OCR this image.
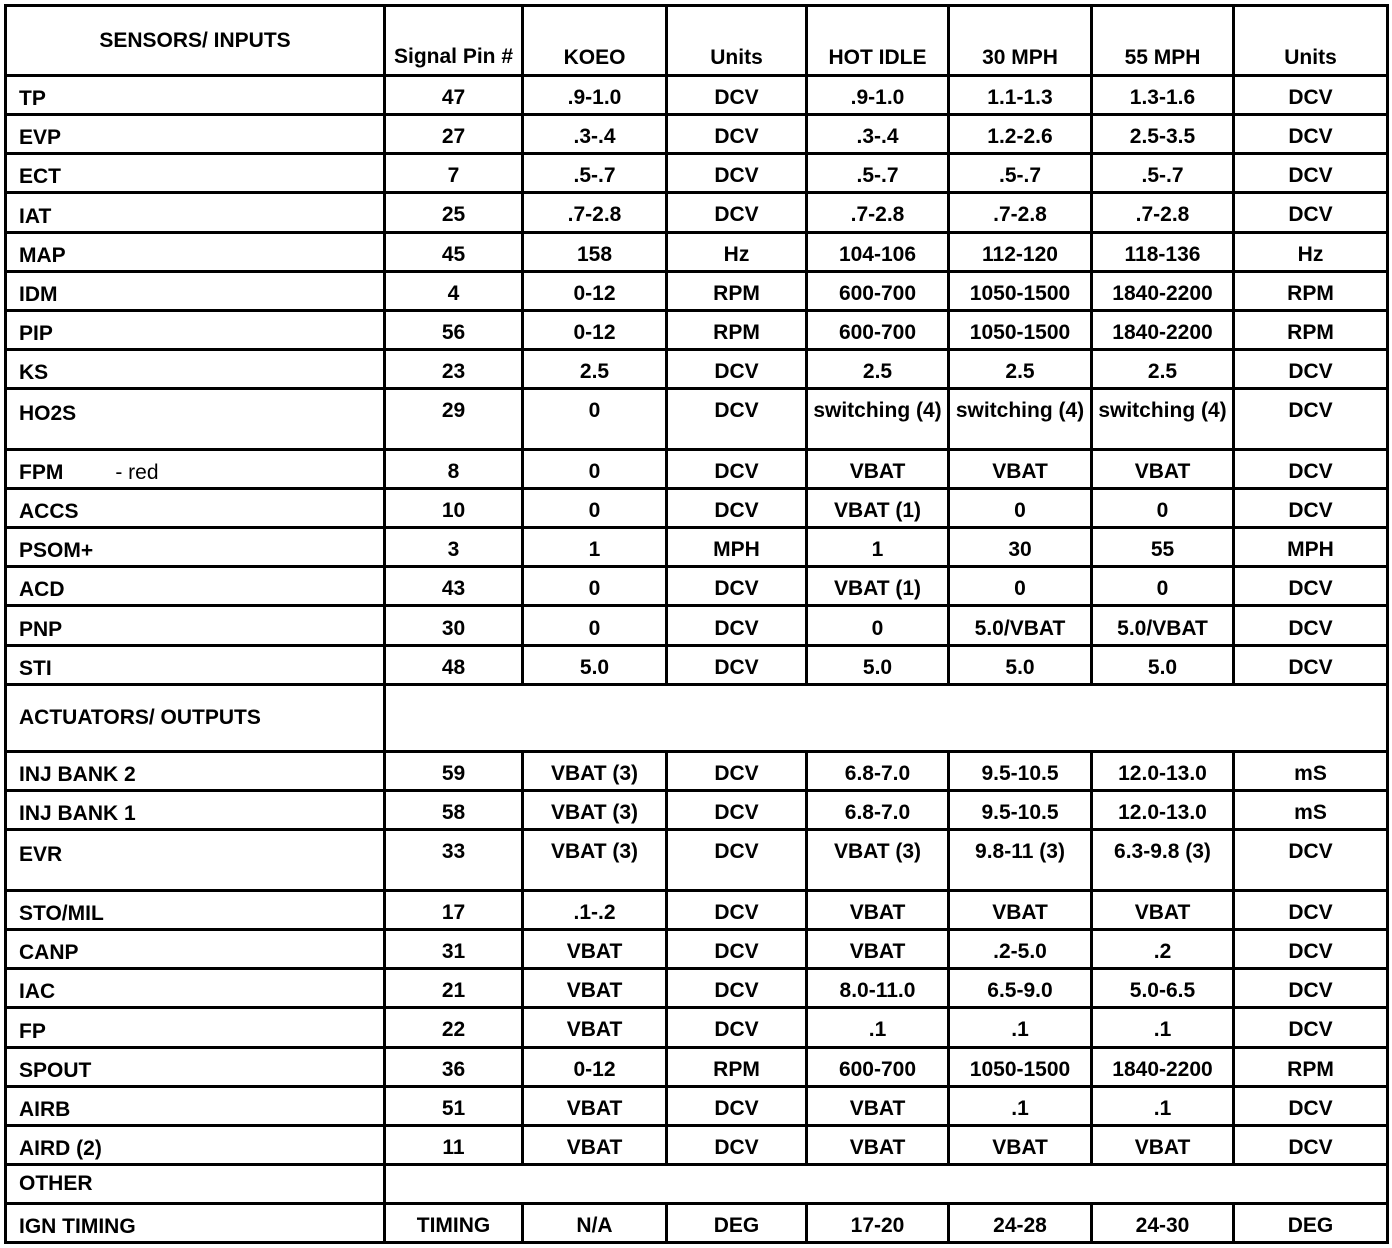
SENSORS/ INPUTS	Signal Pin #	KOEO	Units	HOT IDLE	30 MPH	55 MPH	Units
TP	47	.9-1.0	DCV	.9-1.0	1.1-1.3	1.3-1.6	DCV
EVP	27	.3-.4	DCV	.3-.4	1.2-2.6	2.5-3.5	DCV
ECT	7	.5-.7	DCV	.5-.7	.5-.7	.5-.7	DCV
IAT	25	.7-2.8	DCV	.7-2.8	.7-2.8	.7-2.8	DCV
MAP	45	158	Hz	104-106	112-120	118-136	Hz
IDM	4	0-12	RPM	600-700	1050-1500	1840-2200	RPM
PIP	56	0-12	RPM	600-700	1050-1500	1840-2200	RPM
KS	23	2.5	DCV	2.5	2.5	2.5	DCV
HO2S	29	0	DCV	switching (4)	switching (4)	switching (4)	DCV
FPM - red	8	0	DCV	VBAT	VBAT	VBAT	DCV
ACCS	10	0	DCV	VBAT (1)	0	0	DCV
PSOM+	3	1	MPH	1	30	55	MPH
ACD	43	0	DCV	VBAT (1)	0	0	DCV
PNP	30	0	DCV	0	5.0/VBAT	5.0/VBAT	DCV
STI	48	5.0	DCV	5.0	5.0	5.0	DCV
ACTUATORS/ OUTPUTS							
INJ BANK 2	59	VBAT (3)	DCV	6.8-7.0	9.5-10.5	12.0-13.0	mS
INJ BANK 1	58	VBAT (3)	DCV	6.8-7.0	9.5-10.5	12.0-13.0	mS
EVR	33	VBAT (3)	DCV	VBAT (3)	9.8-11 (3)	6.3-9.8 (3)	DCV
STO/MIL	17	.1-.2	DCV	VBAT	VBAT	VBAT	DCV
CANP	31	VBAT	DCV	VBAT	.2-5.0	.2	DCV
IAC	21	VBAT	DCV	8.0-11.0	6.5-9.0	5.0-6.5	DCV
FP	22	VBAT	DCV	.1	.1	.1	DCV
SPOUT	36	0-12	RPM	600-700	1050-1500	1840-2200	RPM
AIRB	51	VBAT	DCV	VBAT	.1	.1	DCV
AIRD (2)	11	VBAT	DCV	VBAT	VBAT	VBAT	DCV
OTHER							
IGN TIMING	TIMING	N/A	DEG	17-20	24-28	24-30	DEG
